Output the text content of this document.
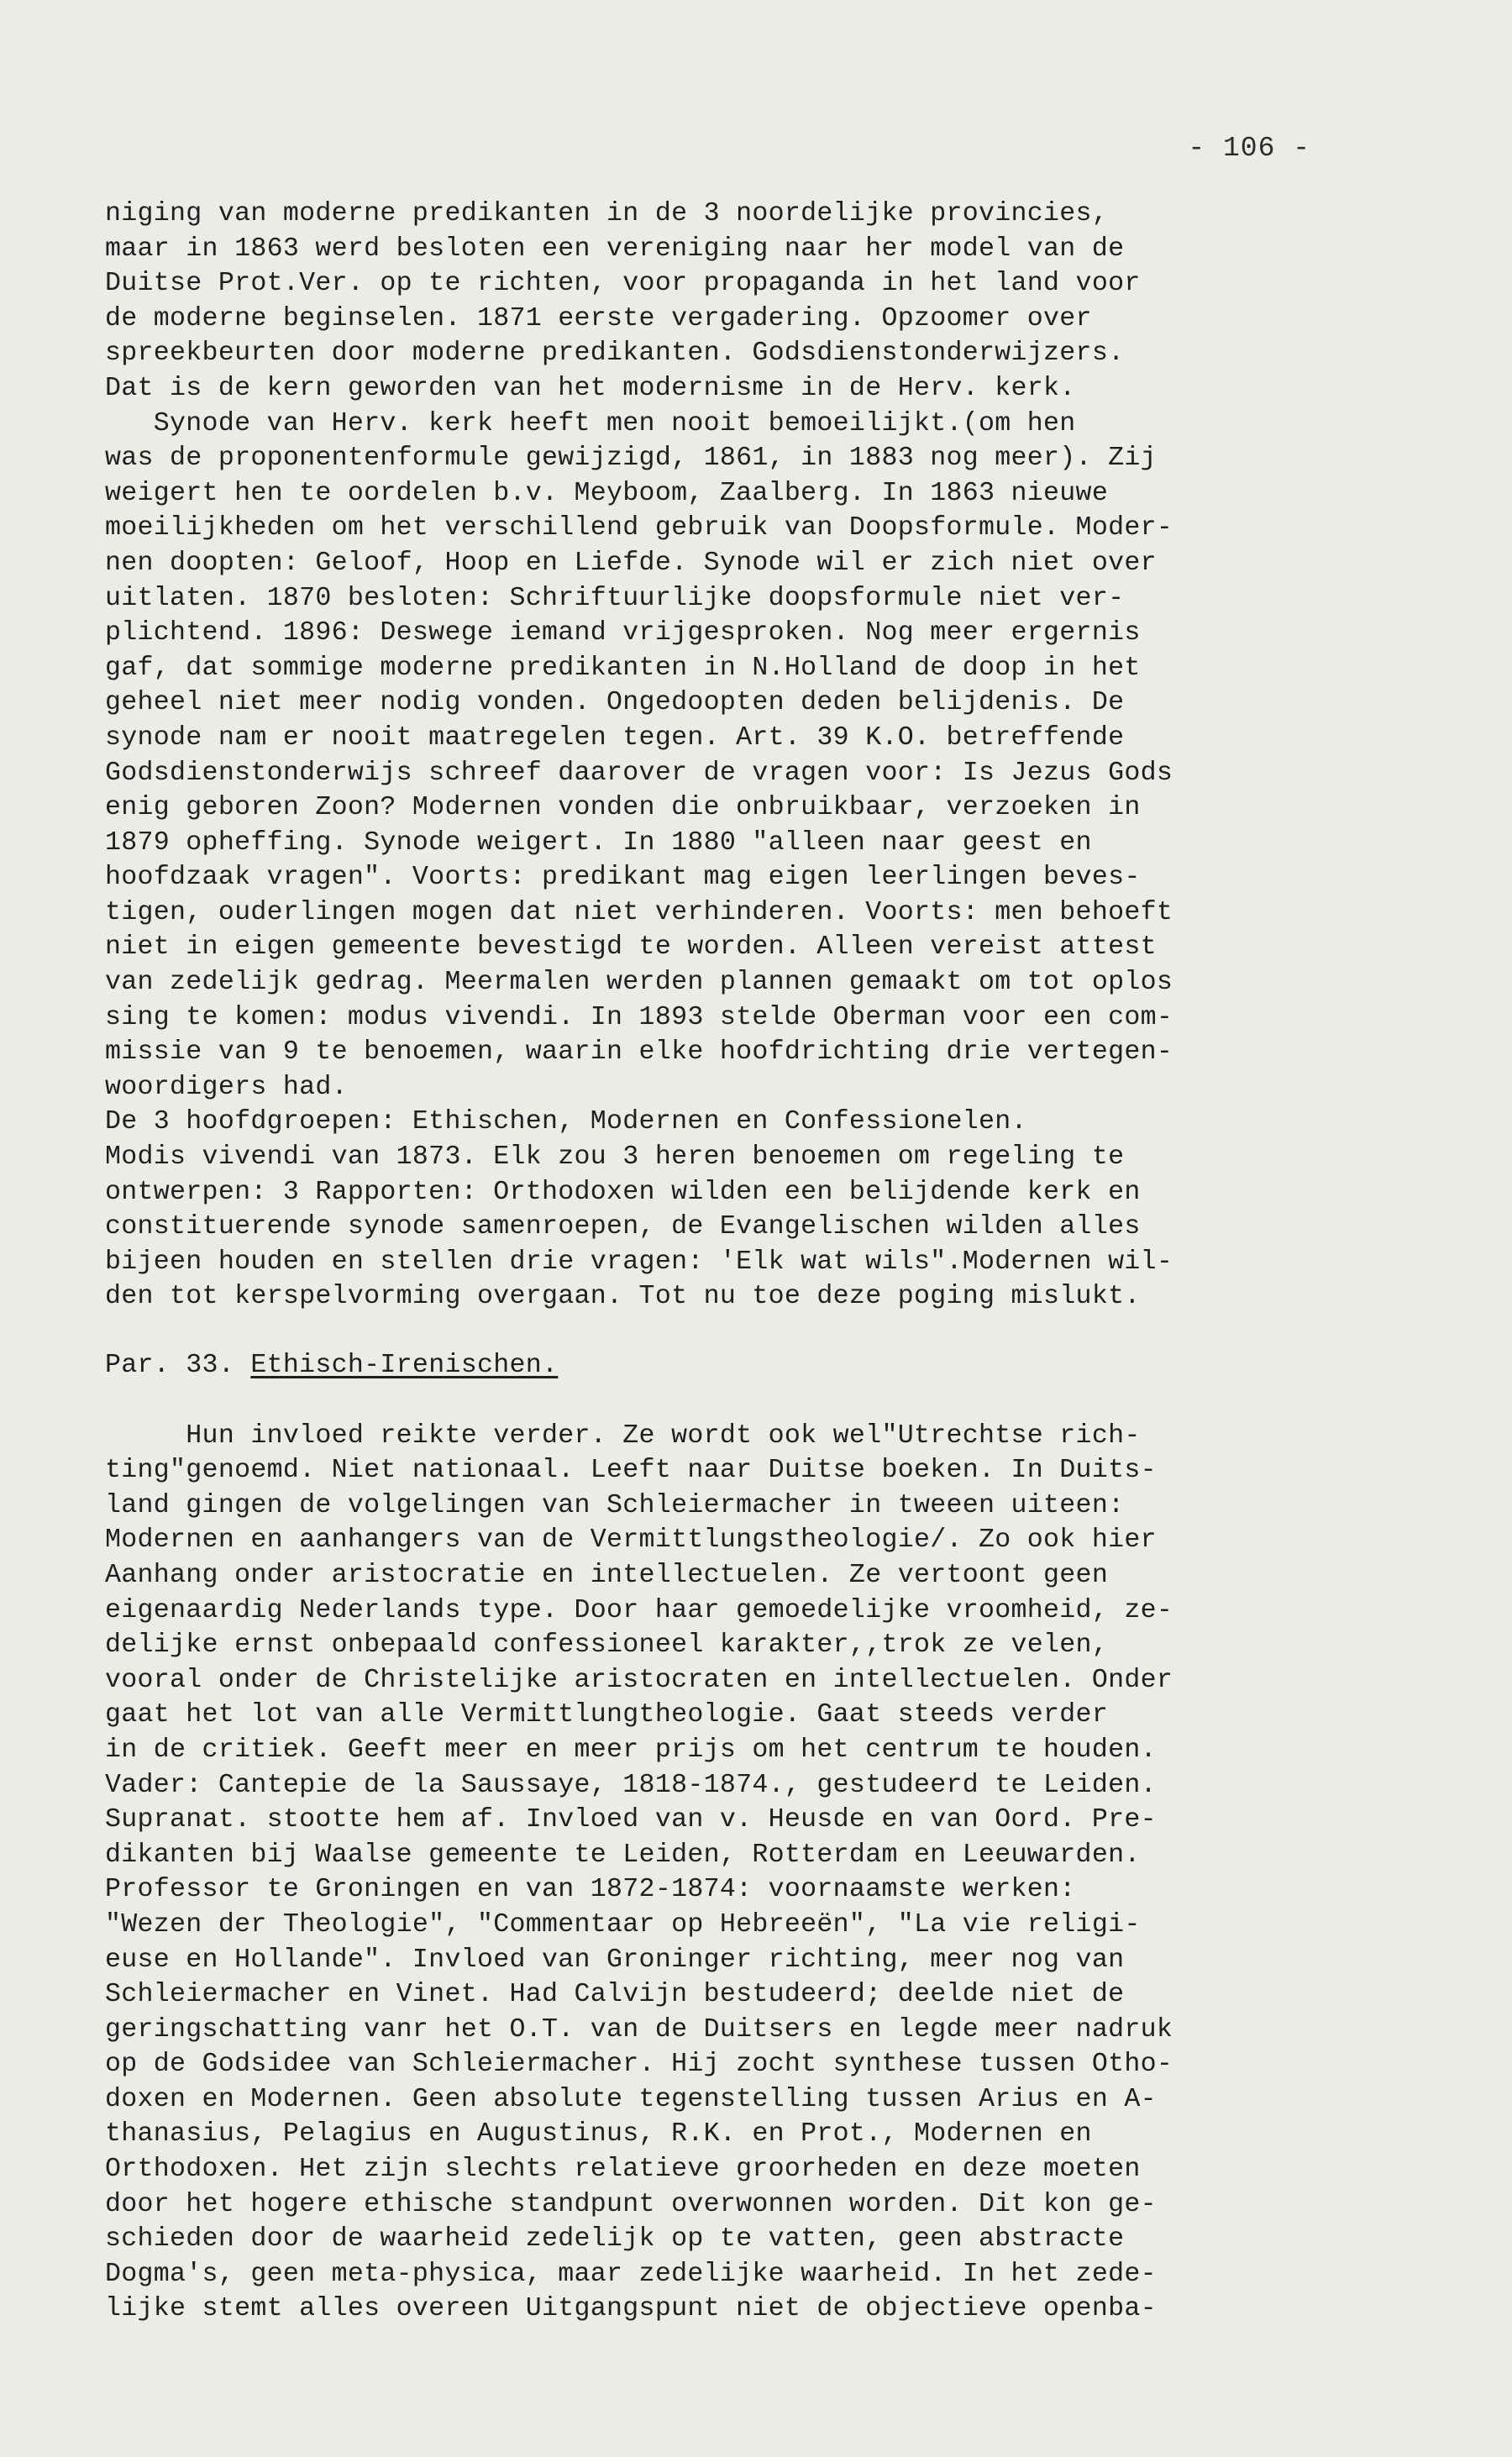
- 106 -
niging van moderne predikanten in de 3 noordelijke provincies,
maar in 1863 werd besloten een vereniging naar her model van de
Duitse Prot.Ver. op te richten, voor propaganda in het land voor
de moderne beginselen. 1871 eerste vergadering. Opzoomer over
spreekbeurten door moderne predikanten. Godsdienstonderwijzers.
Dat is de kern geworden van het modernisme in de Herv. kerk.
Synode van Herv. kerk heeft men nooit bemoeilijkt.(om hen
was de proponentenformule gewijzigd, 1861, in 1883 nog meer). Zij
weigert hen te oordelen b.v. Meyboom, Zaalberg. In 1863 nieuwe
moeilijkheden om het verschillend gebruik van Doopsformule. Moder-
nen doopten: Geloof, Hoop en Liefde. Synode wil er zich niet over
uitlaten. 1870 besloten: Schriftuurlijke doopsformule niet ver-
plichtend. 1896: Deswege iemand vrijgesproken. Nog meer ergernis
gaf, dat sommige moderne predikanten in N.Holland de doop in het
geheel niet meer nodig vonden. Ongedoopten deden belijdenis. De
synode nam er nooit maatregelen tegen. Art. 39 K.O. betreffende
Godsdienstonderwijs schreef daarover de vragen voor: Is Jezus Gods
enig geboren Zoon? Modernen vonden die onbruikbaar, verzoeken in
1879 opheffing. Synode weigert. In 1880 "alleen naar geest en
hoofdzaak vragen". Voorts: predikant mag eigen leerlingen beves-
tigen, ouderlingen mogen dat niet verhinderen. Voorts: men behoeft
niet in eigen gemeente bevestigd te worden. Alleen vereist attest
van zedelijk gedrag. Meermalen werden plannen gemaakt om tot oplos
sing te komen: modus vivendi. In 1893 stelde Oberman voor een com-
missie van 9 te benoemen, waarin elke hoofdrichting drie vertegen-
woordigers had.
De 3 hoofdgroepen: Ethischen, Modernen en Confessionelen.
Modis vivendi van 1873. Elk zou 3 heren benoemen om regeling te
ontwerpen: 3 Rapporten: Orthodoxen wilden een belijdende kerk en
constituerende synode samenroepen, de Evangelischen wilden alles
bijeen houden en stellen drie vragen: 'Elk wat wils".Modernen wil-
den tot kerspelvorming overgaan. Tot nu toe deze poging mislukt.
Par. 33. Ethisch-Irenischen.
Hun invloed reikte verder. Ze wordt ook wel"Utrechtse rich-
ting"genoemd. Niet nationaal. Leeft naar Duitse boeken. In Duits-
land gingen de volgelingen van Schleiermacher in tweeen uiteen:
Modernen en aanhangers van de Vermittlungstheologie/. Zo ook hier
Aanhang onder aristocratie en intellectuelen. Ze vertoont geen
eigenaardig Nederlands type. Door haar gemoedelijke vroomheid, ze-
delijke ernst onbepaald confessioneel karakter,,trok ze velen,
vooral onder de Christelijke aristocraten en intellectuelen. Onder
gaat het lot van alle Vermittlungtheologie. Gaat steeds verder
in de critiek. Geeft meer en meer prijs om het centrum te houden.
Vader: Cantepie de la Saussaye, 1818-1874., gestudeerd te Leiden.
Supranat. stootte hem af. Invloed van v. Heusde en van Oord. Pre-
dikanten bij Waalse gemeente te Leiden, Rotterdam en Leeuwarden.
Professor te Groningen en van 1872-1874: voornaamste werken:
"Wezen der Theologie", "Commentaar op Hebreeën", "La vie religi-
euse en Hollande". Invloed van Groninger richting, meer nog van
Schleiermacher en Vinet. Had Calvijn bestudeerd; deelde niet de
geringschatting vanr het O.T. van de Duitsers en legde meer nadruk
op de Godsidee van Schleiermacher. Hij zocht synthese tussen Otho-
doxen en Modernen. Geen absolute tegenstelling tussen Arius en A-
thanasius, Pelagius en Augustinus, R.K. en Prot., Modernen en
Orthodoxen. Het zijn slechts relatieve groorheden en deze moeten
door het hogere ethische standpunt overwonnen worden. Dit kon ge-
schieden door de waarheid zedelijk op te vatten, geen abstracte
Dogma's, geen meta-physica, maar zedelijke waarheid. In het zede-
lijke stemt alles overeen Uitgangspunt niet de objectieve openba-
